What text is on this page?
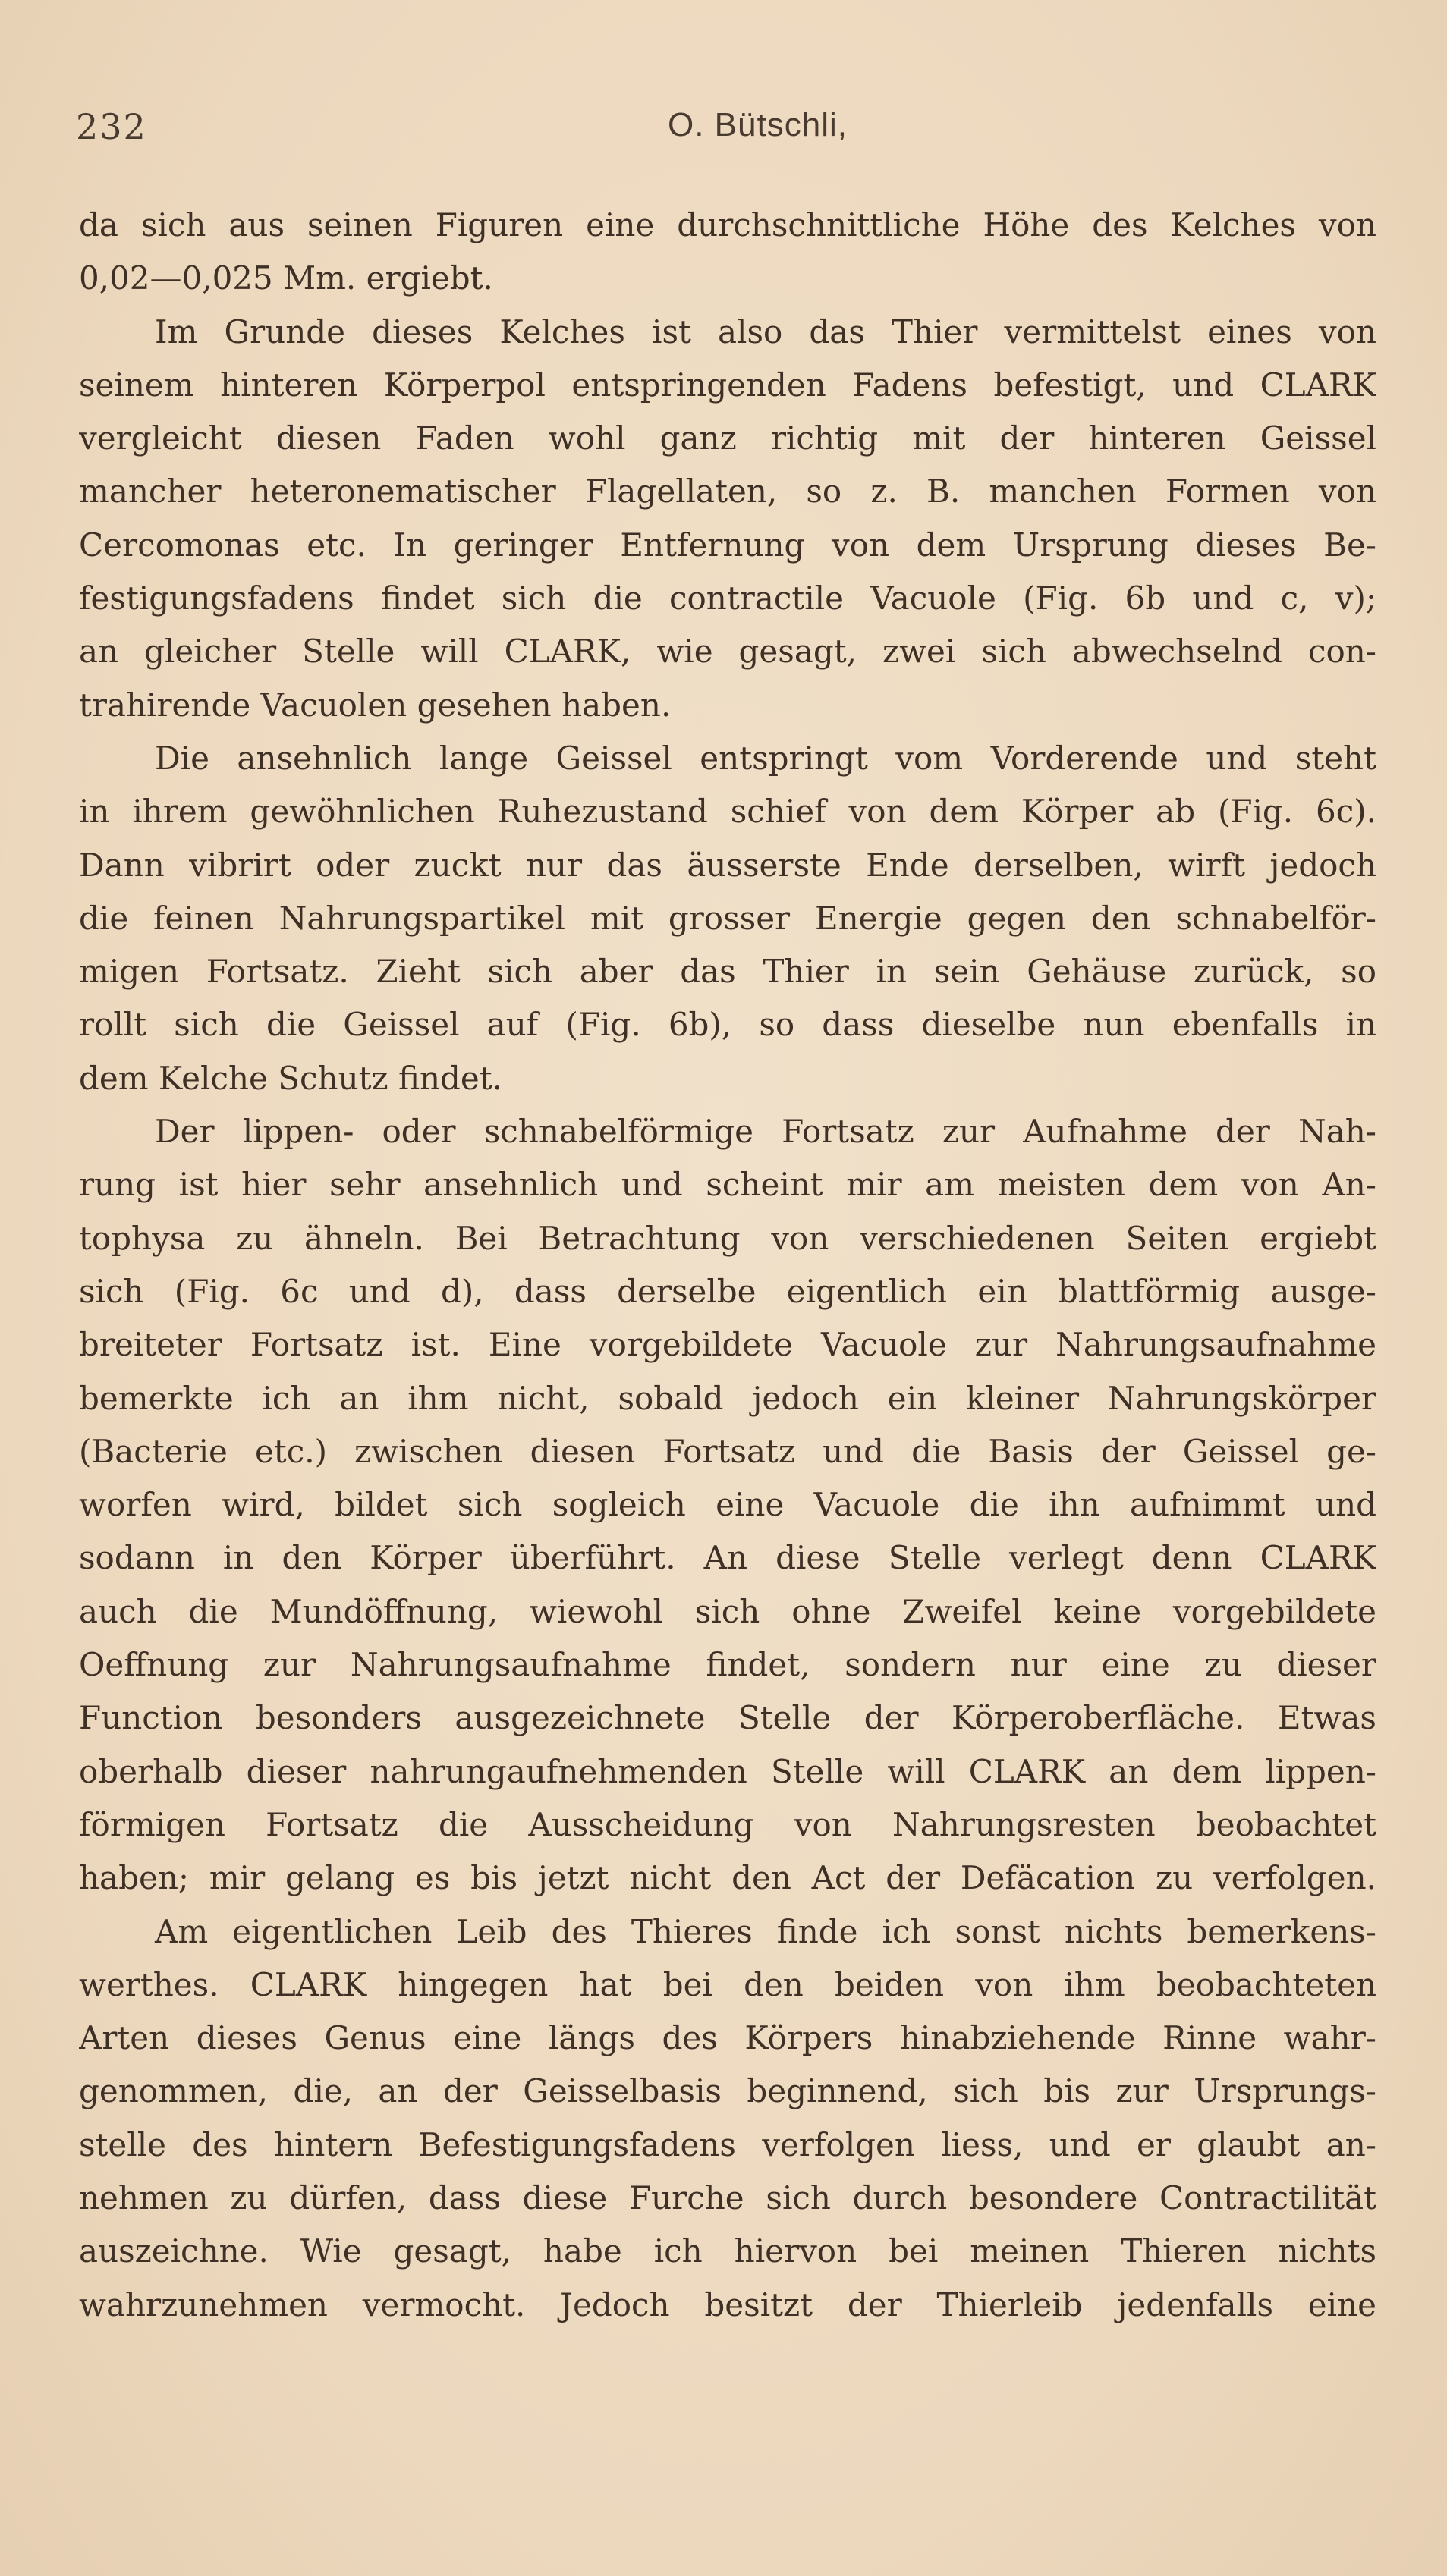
232	O. Bütschli,
da sich aus seinen Figuren eine durchschnittliche Höhe des Kelches von
0,02—0,025 Mm. ergiebt.
Im Grunde dieses Kelches ist also das Thier vermittelst eines von
seinem hinteren Körperpol entspringenden Fadens befestigt, und CLARK
vergleicht diesen Faden wohl ganz richtig mit der hinteren Geissel
mancher heteronematischer Flagellaten, so z. B. manchen Formen von
Cercomonas etc. In geringer Entfernung von dem Ursprung dieses Be-
festigungsfadens findet sich die contractile Vacuole (Fig. 6b und c, v);
an gleicher Stelle will CLARK, wie gesagt, zwei sich abwechselnd con-
trahirende Vacuolen gesehen haben.
Die ansehnlich lange Geissel entspringt vom Vorderende und steht
in ihrem gewöhnlichen Ruhezustand schief von dem Körper ab (Fig. 6c).
Dann vibrirt oder zuckt nur das äusserste Ende derselben, wirft jedoch
die feinen Nahrungspartikel mit grosser Energie gegen den schnabelför-
migen Fortsatz. Zieht sich aber das Thier in sein Gehäuse zurück, so
rollt sich die Geissel auf (Fig. 6b), so dass dieselbe nun ebenfalls in
dem Kelche Schutz findet.
Der lippen- oder schnabelförmige Fortsatz zur Aufnahme der Nah-
rung ist hier sehr ansehnlich und scheint mir am meisten dem von An-
tophysa zu ähneln. Bei Betrachtung von verschiedenen Seiten ergiebt
sich (Fig. 6c und d), dass derselbe eigentlich ein blattförmig ausge-
breiteter Fortsatz ist. Eine vorgebildete Vacuole zur Nahrungsaufnahme
bemerkte ich an ihm nicht, sobald jedoch ein kleiner Nahrungskörper
(Bacterie etc.) zwischen diesen Fortsatz und die Basis der Geissel ge-
worfen wird, bildet sich sogleich eine Vacuole die ihn aufnimmt und
sodann in den Körper überführt. An diese Stelle verlegt denn CLARK
auch die Mundöffnung, wiewohl sich ohne Zweifel keine vorgebildete
Oeffnung zur Nahrungsaufnahme findet, sondern nur eine zu dieser
Function besonders ausgezeichnete Stelle der Körperoberfläche. Etwas
oberhalb dieser nahrungaufnehmenden Stelle will CLARK an dem lippen-
förmigen Fortsatz die Ausscheidung von Nahrungsresten beobachtet
haben; mir gelang es bis jetzt nicht den Act der Defäcation zu verfolgen.
Am eigentlichen Leib des Thieres finde ich sonst nichts bemerkens-
werthes. CLARK hingegen hat bei den beiden von ihm beobachteten
Arten dieses Genus eine längs des Körpers hinabziehende Rinne wahr-
genommen, die, an der Geisselbasis beginnend, sich bis zur Ursprungs-
stelle des hintern Befestigungsfadens verfolgen liess, und er glaubt an-
nehmen zu dürfen, dass diese Furche sich durch besondere Contractilität
auszeichne. Wie gesagt, habe ich hiervon bei meinen Thieren nichts
wahrzunehmen vermocht. Jedoch besitzt der Thierleib jedenfalls eine
